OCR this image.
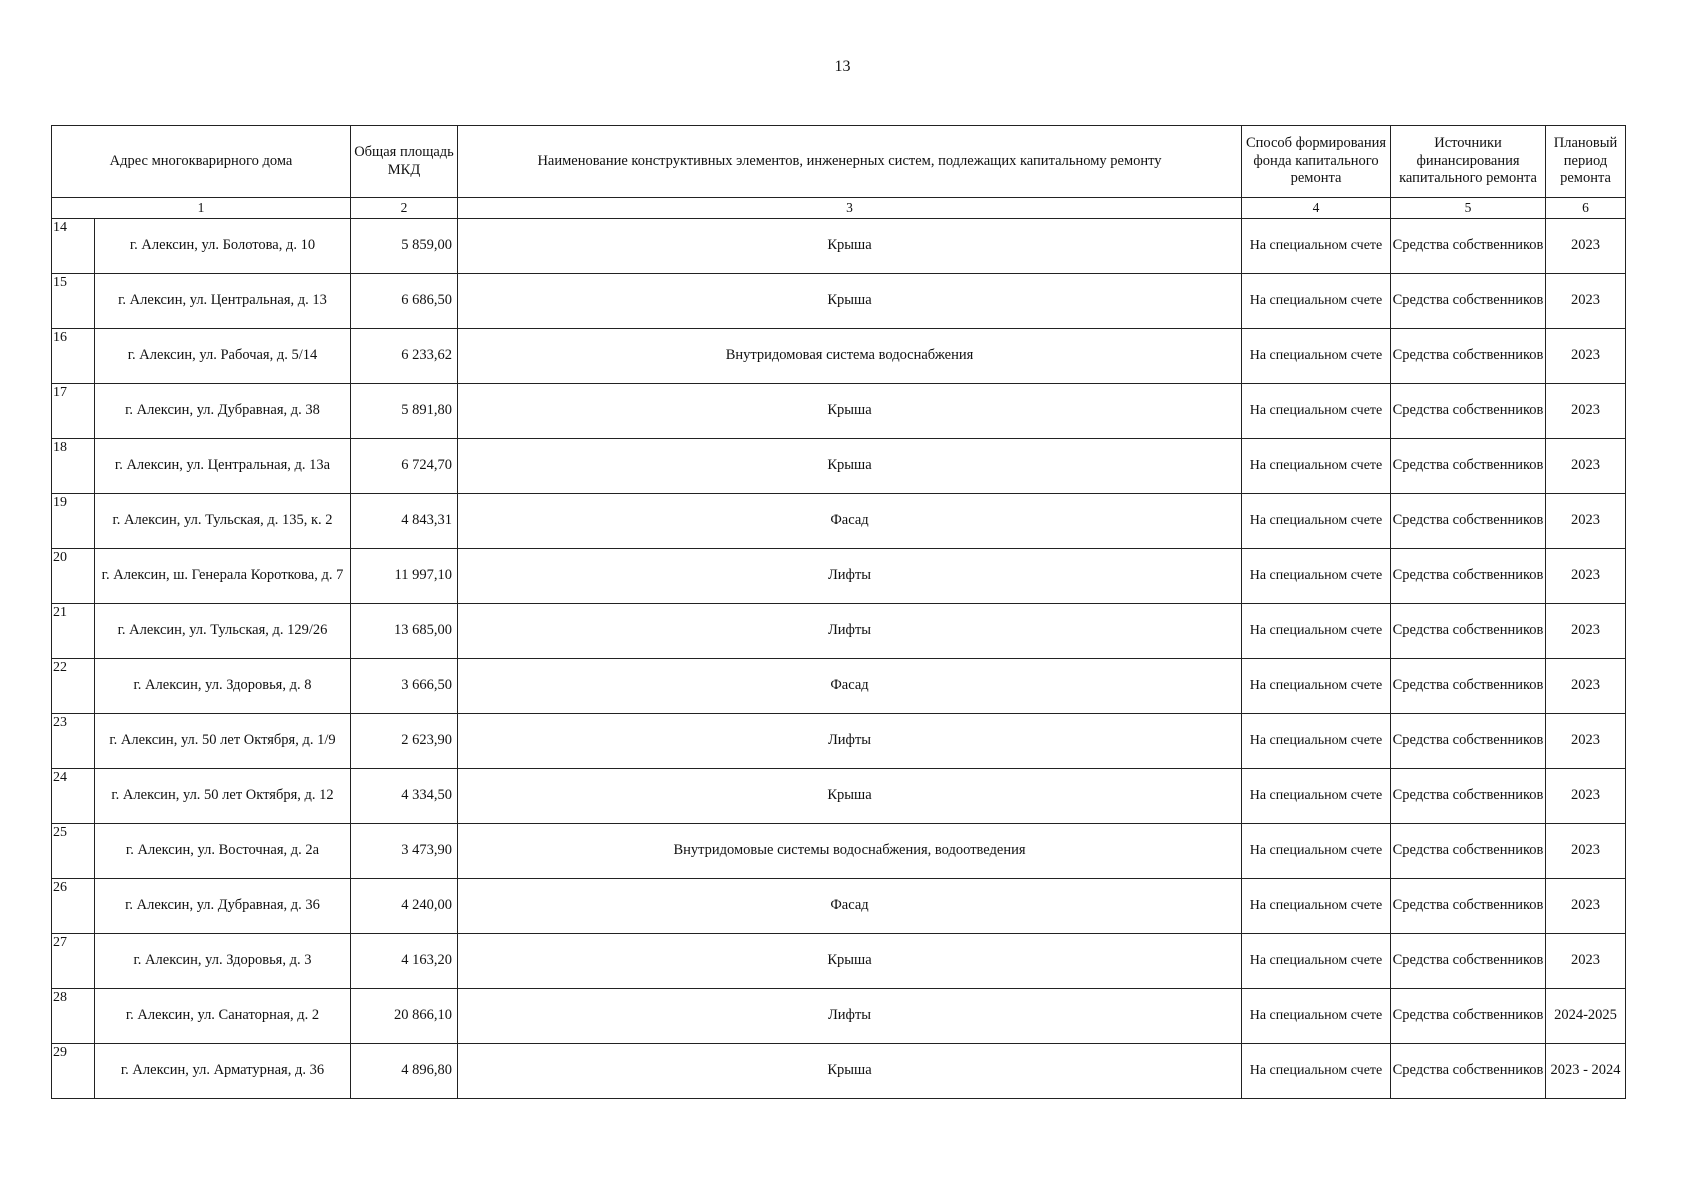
13
Адрес многокварирного дома		Общая площадь МКД	Наименование конструктивных элементов, инженерных систем, подлежащих капитальному ремонту	Способ формирования фонда капитального ремонта	Источники финансирования капитального ремонта	Плановый период ремонта
1		2	3	4	5	6
14	г. Алексин, ул. Болотова, д. 10	5 859,00	Крыша	На специальном счете	Средства собственников	2023
15	г. Алексин, ул. Центральная, д. 13	6 686,50	Крыша	На специальном счете	Средства собственников	2023
16	г. Алексин, ул. Рабочая, д. 5/14	6 233,62	Внутридомовая система водоснабжения	На специальном счете	Средства собственников	2023
17	г. Алексин, ул. Дубравная, д. 38	5 891,80	Крыша	На специальном счете	Средства собственников	2023
18	г. Алексин, ул. Центральная, д. 13а	6 724,70	Крыша	На специальном счете	Средства собственников	2023
19	г. Алексин, ул. Тульская, д. 135, к. 2	4 843,31	Фасад	На специальном счете	Средства собственников	2023
20	г. Алексин, ш. Генерала Короткова, д. 7	11 997,10	Лифты	На специальном счете	Средства собственников	2023
21	г. Алексин, ул. Тульская, д. 129/26	13 685,00	Лифты	На специальном счете	Средства собственников	2023
22	г. Алексин, ул. Здоровья, д. 8	3 666,50	Фасад	На специальном счете	Средства собственников	2023
23	г. Алексин, ул. 50 лет Октября, д. 1/9	2 623,90	Лифты	На специальном счете	Средства собственников	2023
24	г. Алексин, ул. 50 лет Октября, д. 12	4 334,50	Крыша	На специальном счете	Средства собственников	2023
25	г. Алексин, ул. Восточная, д. 2а	3 473,90	Внутридомовые системы водоснабжения, водоотведения	На специальном счете	Средства собственников	2023
26	г. Алексин, ул. Дубравная, д. 36	4 240,00	Фасад	На специальном счете	Средства собственников	2023
27	г. Алексин, ул. Здоровья, д. 3	4 163,20	Крыша	На специальном счете	Средства собственников	2023
28	г. Алексин, ул. Санаторная, д. 2	20 866,10	Лифты	На специальном счете	Средства собственников	2024-2025
29	г. Алексин, ул. Арматурная, д. 36	4 896,80	Крыша	На специальном счете	Средства собственников	2023 - 2024
